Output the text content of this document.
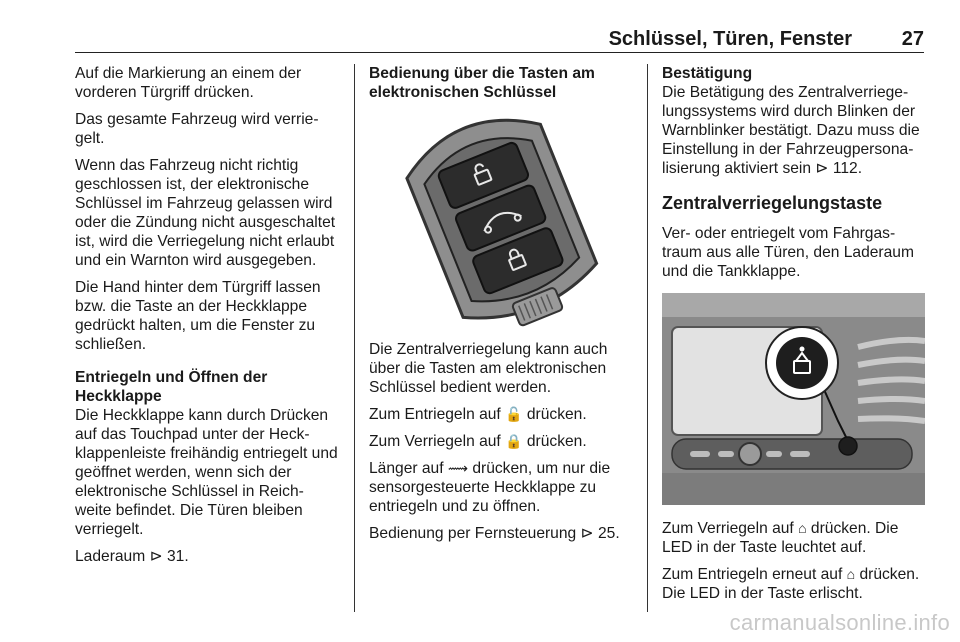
Schlüssel, Türen, Fenster 27

Auf die Markierung an einem der vorderen Türgriff drücken.

Das gesamte Fahrzeug wird verrie- gelt.

Wenn das Fahrzeug nicht richtig geschlossen ist, der elektronische Schlüssel im Fahrzeug gelassen wird oder die Zündung nicht ausgeschaltet ist, wird die Verriegelung nicht erlaubt und ein Warnton wird ausgegeben.

Die Hand hinter dem Türgriff lassen bzw. die Taste an der Heckklappe gedrückt halten, um die Fenster zu schließen.

Entriegeln und Öffnen der Heckklappe

Die Heckklappe kann durch Drücken auf das Touchpad unter der Heck- klappenleiste freihändig entriegelt und geöffnet werden, wenn sich der elektronische Schlüssel in Reich- weite befindet. Die Türen bleiben verriegelt.

Laderaum ⊳ 31.

Bedienung über die Tasten am elektronischen Schlüssel

Die Zentralverriegelung kann auch über die Tasten am elektronischen Schlüssel bedient werden.

Zum Entriegeln auf 🔓 drücken.

Zum Verriegeln auf 🔒 drücken.

Länger auf ⟿ drücken, um nur die sensorgesteuerte Heckklappe zu entriegeln und zu öffnen.

Bedienung per Fernsteuerung ⊳ 25.

Bestätigung

Die Betätigung des Zentralverriege- lungssystems wird durch Blinken der Warnblinker bestätigt. Dazu muss die Einstellung in der Fahrzeugpersona- lisierung aktiviert sein ⊳ 112.

Zentralverriegelungstaste

Ver- oder entriegelt vom Fahrgas- traum aus alle Türen, den Laderaum und die Tankklappe.

Zum Verriegeln auf ⌂ drücken. Die LED in der Taste leuchtet auf.

Zum Entriegeln erneut auf ⌂ drücken. Die LED in der Taste erlischt.

carmanualsonline.info
